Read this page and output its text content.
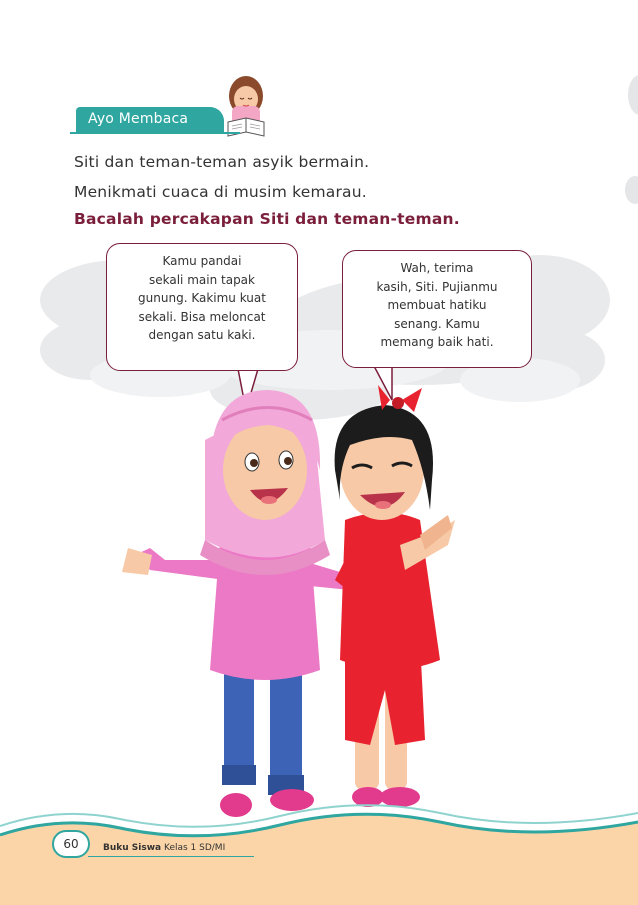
Ayo Membaca
Siti dan teman-teman asyik bermain.
Menikmati cuaca di musim kemarau.
Bacalah percakapan Siti dan teman-teman.
Kamu pandai
sekali main tapak
gunung. Kakimu kuat
sekali. Bisa meloncat
dengan satu kaki.
Wah, terima
kasih, Siti. Pujianmu
membuat hatiku
senang. Kamu
memang baik hati.
60	Buku Siswa Kelas 1 SD/MI
